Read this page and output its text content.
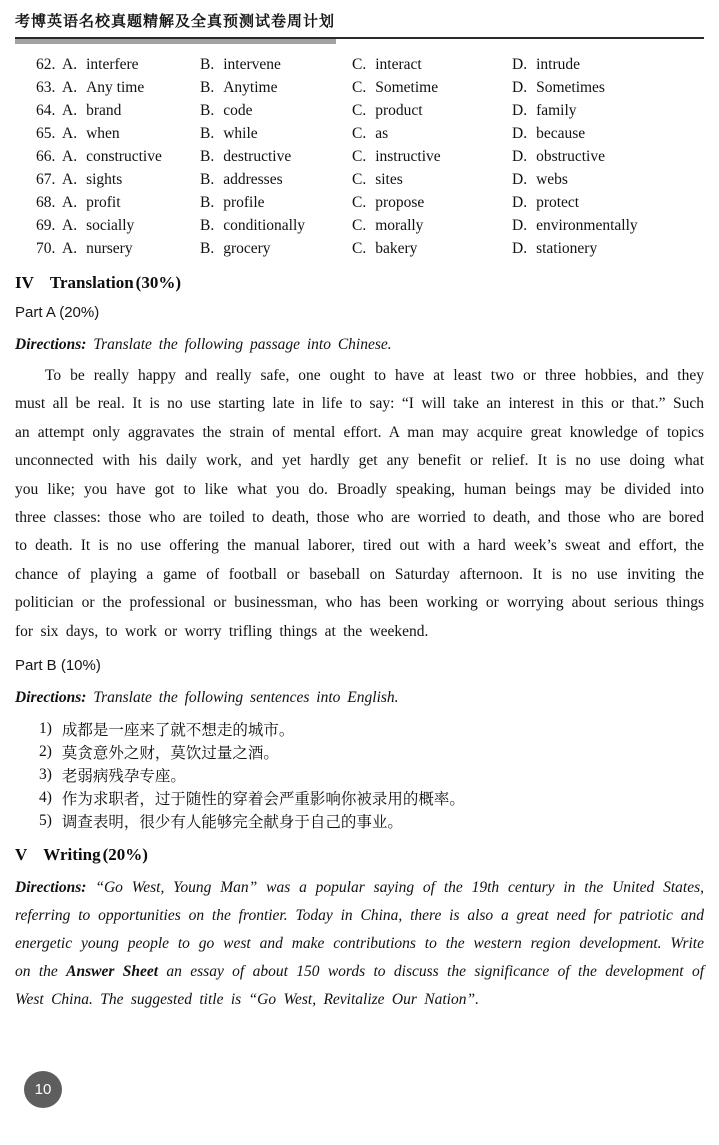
考博英语名校真题精解及全真预测试卷周计划
62. A. interfere	B. intervene	C. interact	D. intrude
63. A. Any time	B. Anytime	C. Sometime	D. Sometimes
64. A. brand	B. code	C. product	D. family
65. A. when	B. while	C. as	D. because
66. A. constructive	B. destructive	C. instructive	D. obstructive
67. A. sights	B. addresses	C. sites	D. webs
68. A. profit	B. profile	C. propose	D. protect
69. A. socially	B. conditionally	C. morally	D. environmentally
70. A. nursery	B. grocery	C. bakery	D. stationery
IV Translation (30%)
Part A (20%)

Directions: Translate the following passage into Chinese.

To be really happy and really safe, one ought to have at least two or three hobbies, and they must all be real. It is no use starting late in life to say: “I will take an interest in this or that.” Such an attempt only aggravates the strain of mental effort. A man may acquire great knowledge of topics unconnected with his daily work, and yet hardly get any benefit or relief. It is no use doing what you like; you have got to like what you do. Broadly speaking, human beings may be divided into three classes: those who are toiled to death, those who are worried to death, and those who are bored to death. It is no use offering the manual laborer, tired out with a hard week’s sweat and effort, the chance of playing a game of football or baseball on Saturday afternoon. It is no use inviting the politician or the professional or businessman, who has been working or worrying about serious things for six days, to work or worry trifling things at the weekend.

Part B (10%)

Directions: Translate the following sentences into English.

1) 成都是一座来了就不想走的城市。
2) 莫贪意外之财，莫饮过量之酒。
3) 老弱病残孕专座。
4) 作为求职者，过于随性的穿着会严重影响你被录用的概率。
5) 调查表明，很少有人能够完全献身于自己的事业。
V Writing (20%)

Directions: “Go West, Young Man” was a popular saying of the 19th century in the United States, referring to opportunities on the frontier. Today in China, there is also a great need for patriotic and energetic young people to go west and make contributions to the western region development. Write on the Answer Sheet an essay of about 150 words to discuss the significance of the development of West China. The suggested title is “Go West, Revitalize Our Nation”.

10
